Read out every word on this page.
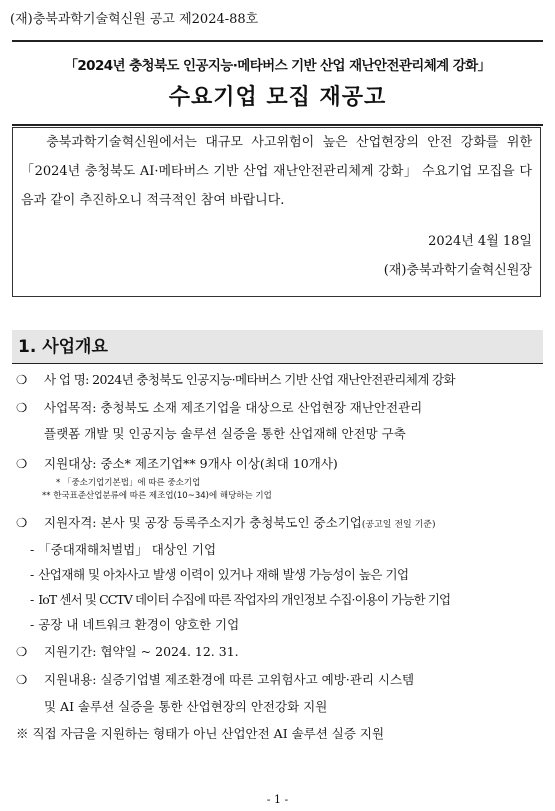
(재)충북과학기술혁신원 공고 제2024-88호
「2024년 충청북도 인공지능·메타버스 기반 산업 재난안전관리체계 강화」
수요기업 모집 재공고
충북과학기술혁신원에서는 대규모 사고위험이 높은 산업현장의 안전 강화를 위한 「2024년 충청북도 AI·메타버스 기반 산업 재난안전관리체계 강화」 수요기업 모집을 다음과 같이 추진하오니 적극적인 참여 바랍니다.
2024년 4월 18일
(재)충북과학기술혁신원장
1. 사업개요
❍ 사 업 명: 2024년 충청북도 인공지능·메타버스 기반 산업 재난안전관리체계 강화
❍ 사업목적: 충청북도 소재 제조기업을 대상으로 산업현장 재난안전관리
플랫폼 개발 및 인공지능 솔루션 실증을 통한 산업재해 안전망 구축
❍ 지원대상: 중소* 제조기업** 9개사 이상(최대 10개사)
* 「중소기업기본법」에 따른 중소기업
** 한국표준산업분류에 따른 제조업(10~34)에 해당하는 기업
❍ 지원자격: 본사 및 공장 등록주소지가 충청북도인 중소기업(공고일 전일 기준)
- 「중대재해처벌법」 대상인 기업
- 산업재해 및 아차사고 발생 이력이 있거나 재해 발생 가능성이 높은 기업
- IoT 센서 및 CCTV 데이터 수집에 따른 작업자의 개인정보 수집·이용이 가능한 기업
- 공장 내 네트워크 환경이 양호한 기업
❍ 지원기간: 협약일 ~ 2024. 12. 31.
❍ 지원내용: 실증기업별 제조환경에 따른 고위험사고 예방·관리 시스템
및 AI 솔루션 실증을 통한 산업현장의 안전강화 지원
※ 직접 자금을 지원하는 형태가 아닌 산업안전 AI 솔루션 실증 지원
- 1 -
